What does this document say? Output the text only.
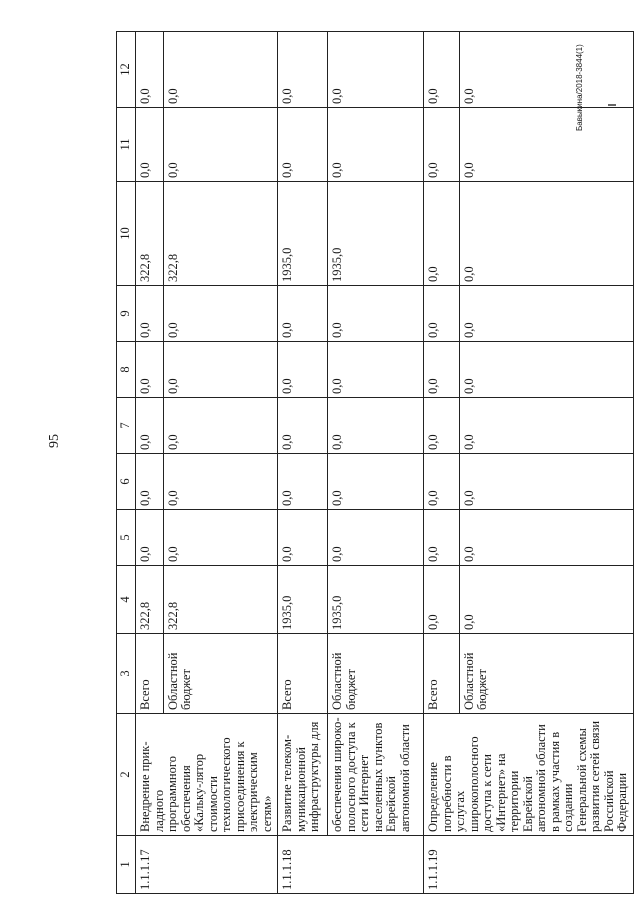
95
Бавыкина/2018-3844(1)
1	2	3	4	5	6	7	8	9	10	11	12
1.1.1.17	Внедрение прик-ладного программного обеспечения «Кальку-лятор стоимости технологического присоединения к электрическим сетям»	Всего	322,8	0,0	0,0	0,0	0,0	0,0	322,8	0,0	0,0
		Областной бюджет	322,8	0,0	0,0	0,0	0,0	0,0	322,8	0,0	0,0
1.1.1.18	Развитие телеком-муникационной инфраструктуры для	Всего	1935,0	0,0	0,0	0,0	0,0	0,0	1935,0	0,0	0,0
	обеспечения широко-полосного доступа к сети Интернет населенных пунктов Еврейской автономной области	Областной бюджет	1935,0	0,0	0,0	0,0	0,0	0,0	1935,0	0,0	0,0
1.1.1.19	Определение потребности в услугах широкополосного доступа к сети «Интернет» на территории Еврейской автономной области в рамках участия в создании Генеральной схемы развития сетей связи Российской Федерации	Всего	0,0	0,0	0,0	0,0	0,0	0,0	0,0	0,0	0,0
		Областной бюджет	0,0	0,0	0,0	0,0	0,0	0,0	0,0	0,0	0,0
